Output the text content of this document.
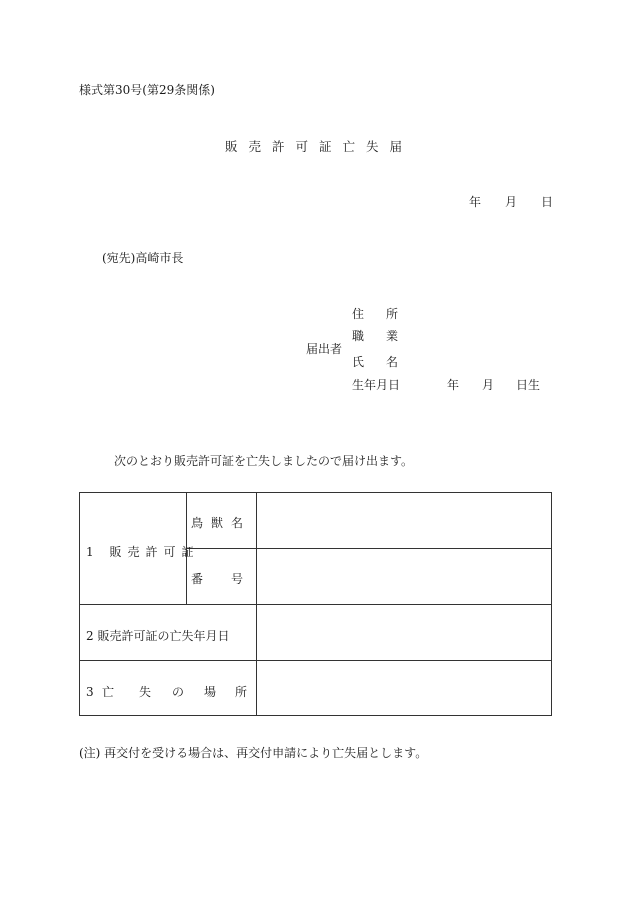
様式第30号(第29条関係)
販売許可証亡失届
年 月 日
(宛先)高崎市長
届出者
住所
職業
氏名
生年月日	年 月 日生
次のとおり販売許可証を亡失しましたので届け出ます。
1 販売許可証
鳥獣名
番 号
2 販売許可証の亡失年月日
3 亡 失 の 場 所
(注) 再交付を受ける場合は、再交付申請により亡失届とします。
